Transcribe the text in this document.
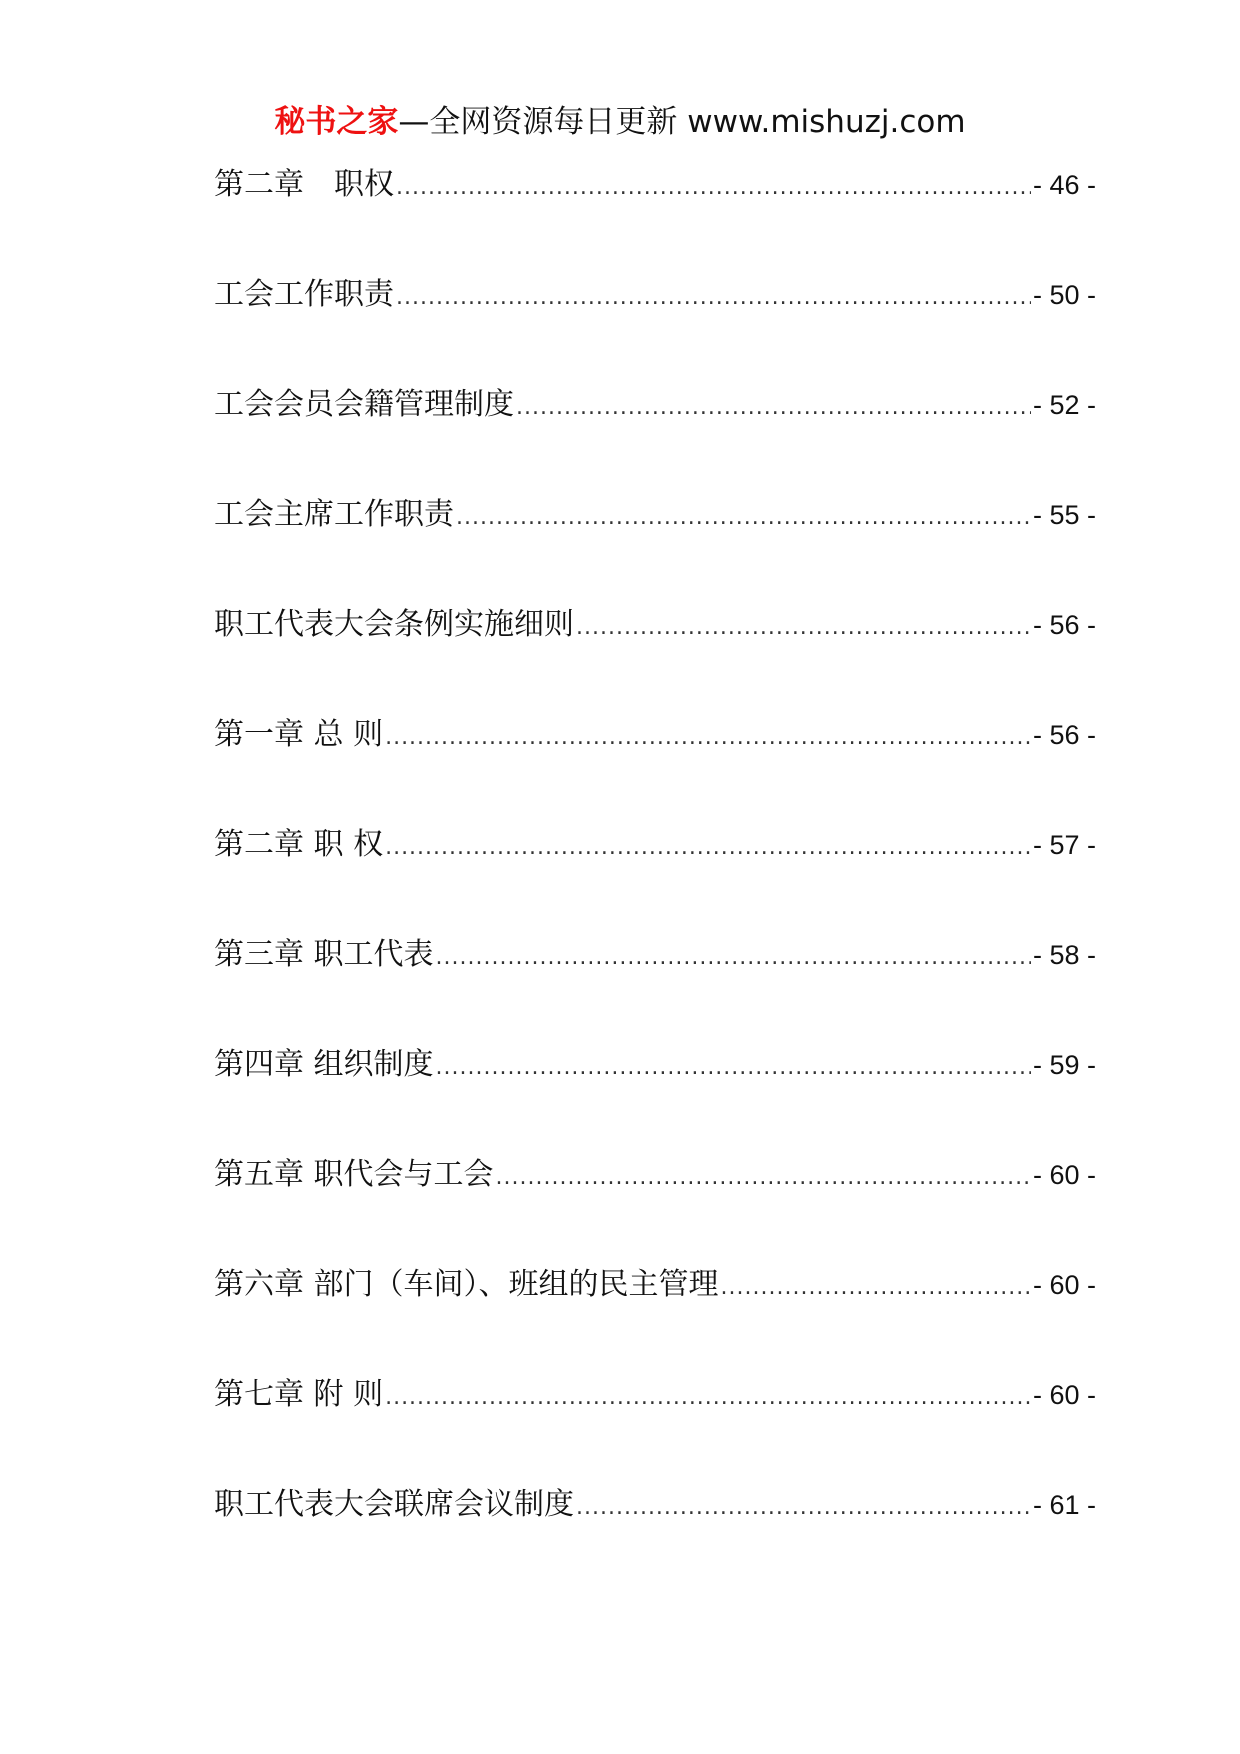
秘书之家—全网资源每日更新 www.mishuzj.com
第二章　职权 .....	- 46 -
工会工作职责 .....	- 50 -
工会会员会籍管理制度 .....	- 52 -
工会主席工作职责 .....	- 55 -
职工代表大会条例实施细则 .....	- 56 -
第一章 总 则 .....	- 56 -
第二章 职 权 .....	- 57 -
第三章 职工代表 .....	- 58 -
第四章 组织制度 .....	- 59 -
第五章 职代会与工会 .....	- 60 -
第六章 部门（车间）、班组的民主管理 .....	- 60 -
第七章 附 则 .....	- 60 -
职工代表大会联席会议制度 .....	- 61 -
